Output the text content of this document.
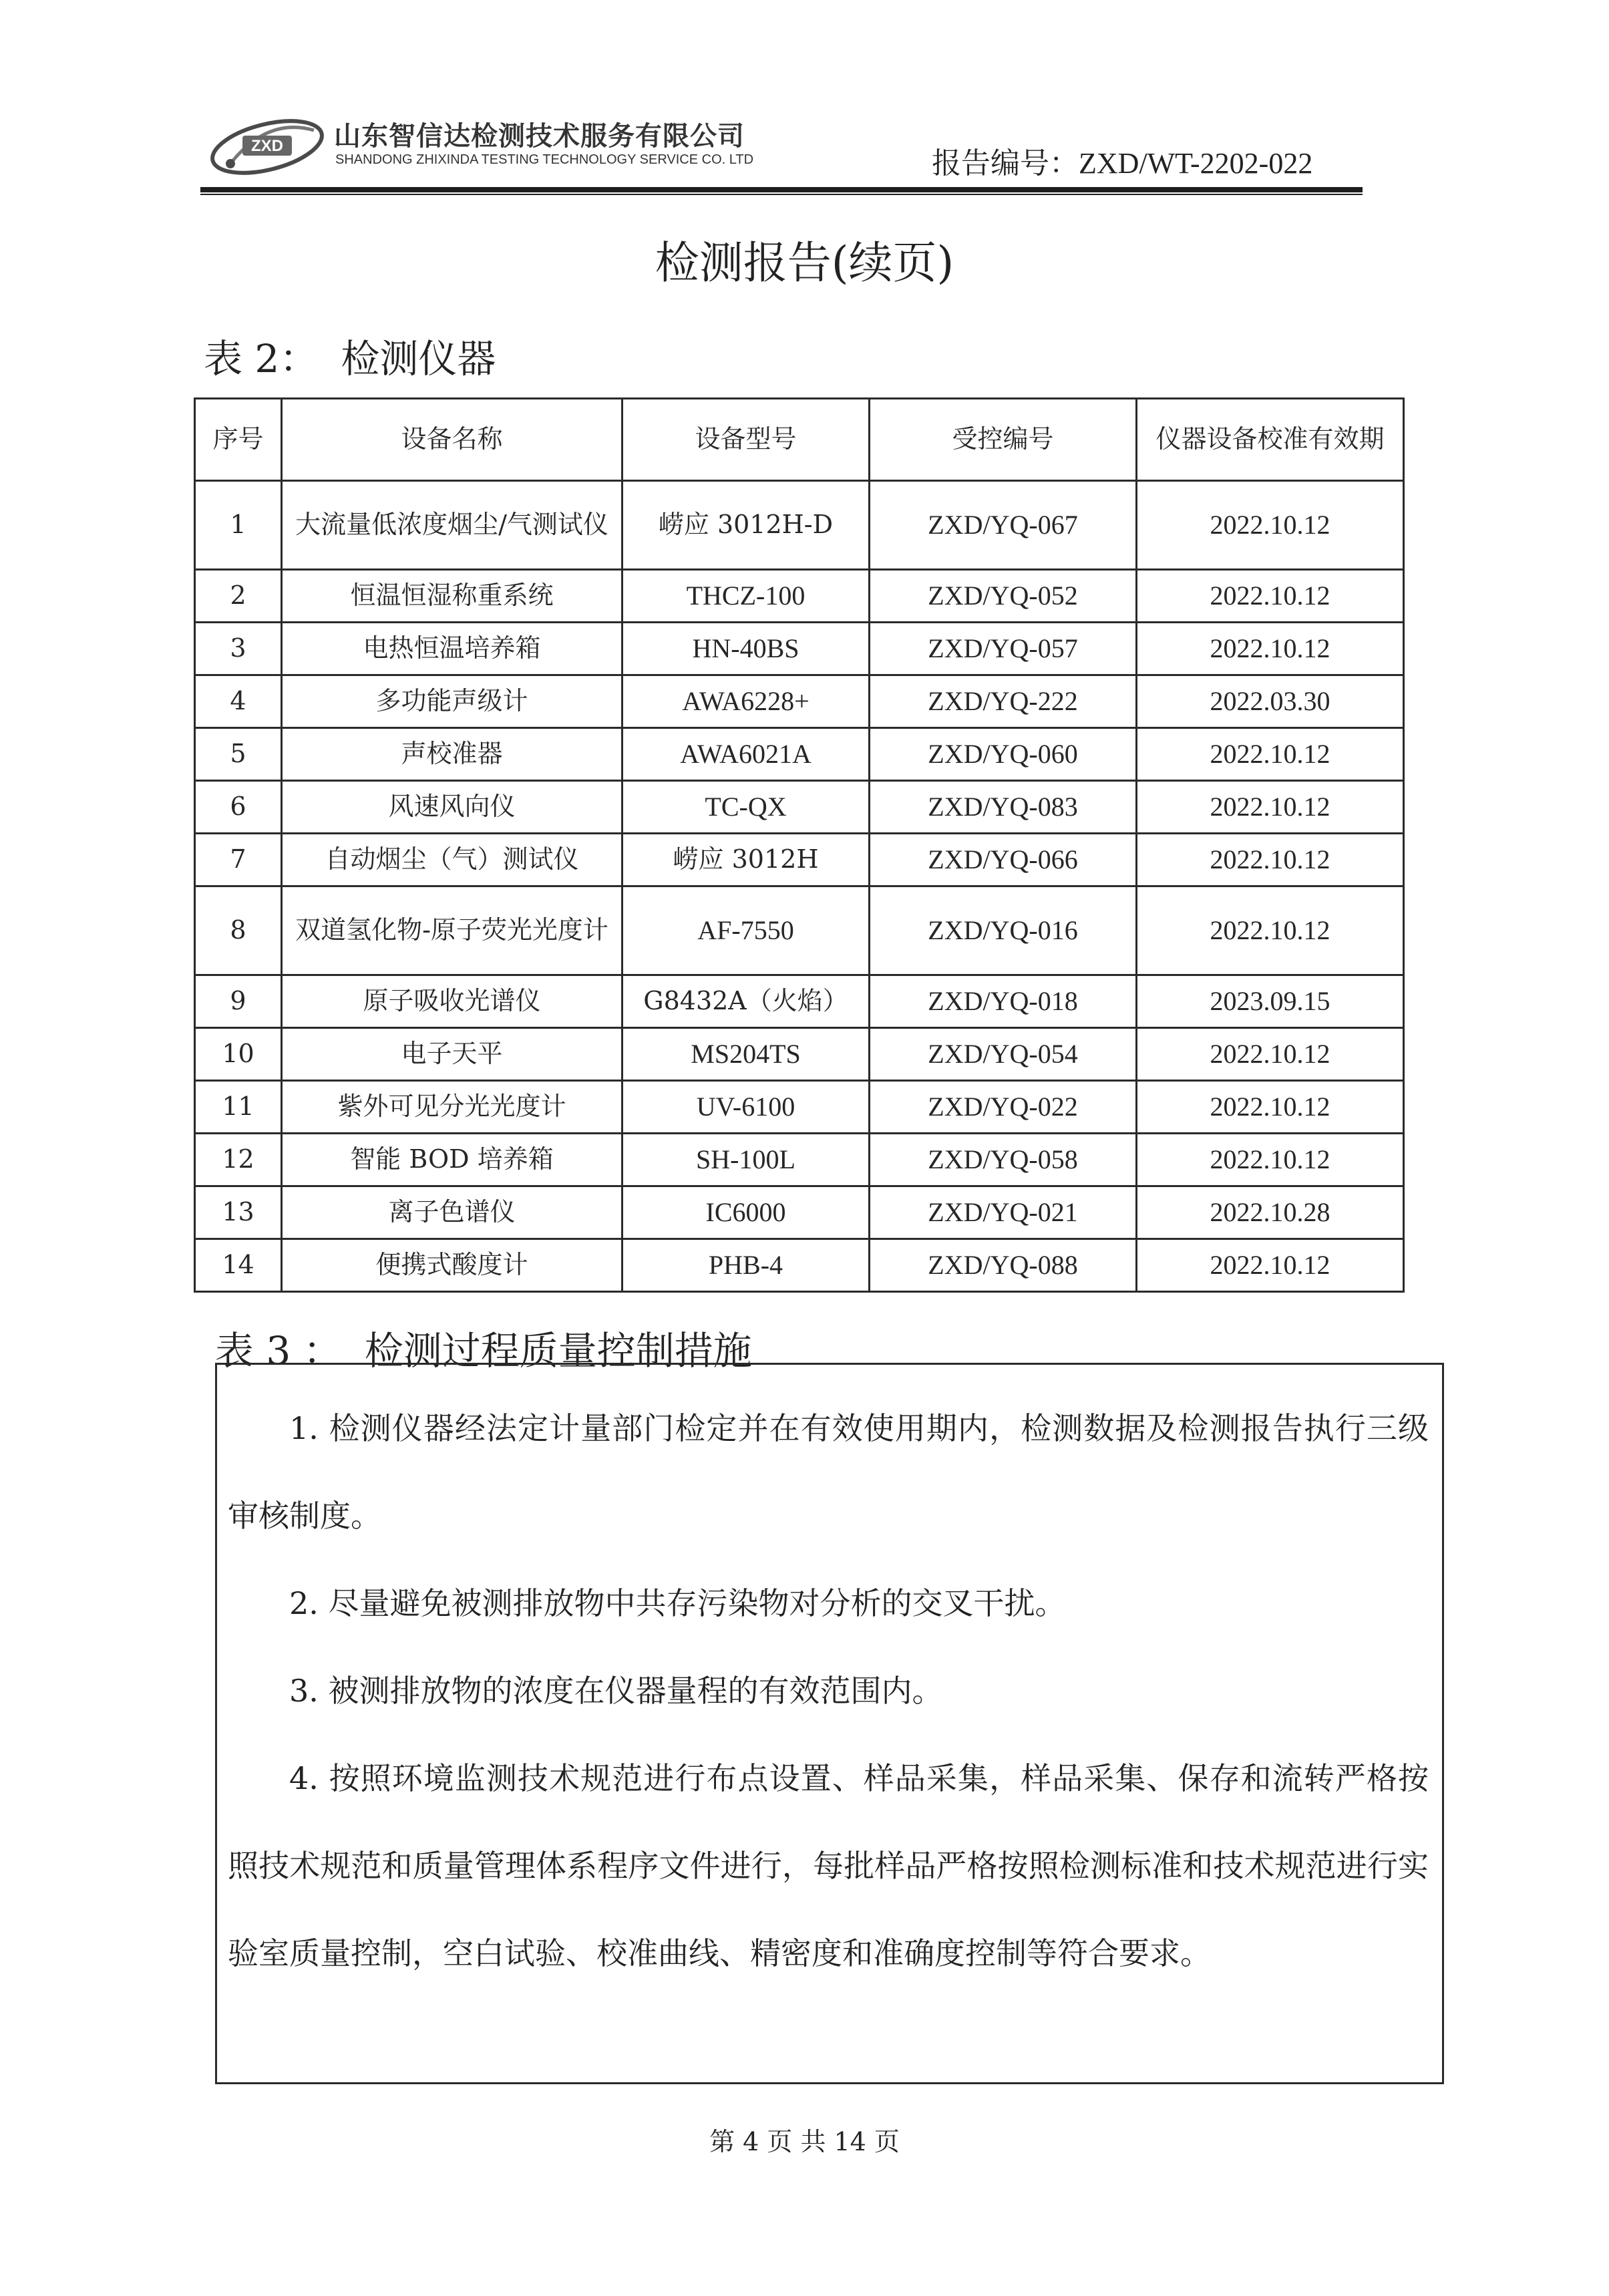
ZXD 山东智信达检测技术服务有限公司
SHANDONG ZHIXINDA TESTING TECHNOLOGY SERVICE CO. LTD	报告编号：ZXD/WT-2202-022
检测报告(续页)
表 2： 检测仪器
序号	设备名称	设备型号	受控编号	仪器设备校准有效期
1	大流量低浓度烟尘/气测试仪	崂应 3012H-D	ZXD/YQ-067	2022.10.12
2	恒温恒湿称重系统	THCZ-100	ZXD/YQ-052	2022.10.12
3	电热恒温培养箱	HN-40BS	ZXD/YQ-057	2022.10.12
4	多功能声级计	AWA6228+	ZXD/YQ-222	2022.03.30
5	声校准器	AWA6021A	ZXD/YQ-060	2022.10.12
6	风速风向仪	TC-QX	ZXD/YQ-083	2022.10.12
7	自动烟尘（气）测试仪	崂应 3012H	ZXD/YQ-066	2022.10.12
8	双道氢化物-原子荧光光度计	AF-7550	ZXD/YQ-016	2022.10.12
9	原子吸收光谱仪	G8432A（火焰）	ZXD/YQ-018	2023.09.15
10	电子天平	MS204TS	ZXD/YQ-054	2022.10.12
11	紫外可见分光光度计	UV-6100	ZXD/YQ-022	2022.10.12
12	智能 BOD 培养箱	SH-100L	ZXD/YQ-058	2022.10.12
13	离子色谱仪	IC6000	ZXD/YQ-021	2022.10.28
14	便携式酸度计	PHB-4	ZXD/YQ-088	2022.10.12
表 3 ： 检测过程质量控制措施

1. 检测仪器经法定计量部门检定并在有效使用期内，检测数据及检测报告执行三级审核制度。

2. 尽量避免被测排放物中共存污染物对分析的交叉干扰。

3. 被测排放物的浓度在仪器量程的有效范围内。

4. 按照环境监测技术规范进行布点设置、样品采集，样品采集、保存和流转严格按照技术规范和质量管理体系程序文件进行，每批样品严格按照检测标准和技术规范进行实验室质量控制，空白试验、校准曲线、精密度和准确度控制等符合要求。

第 4 页 共 14 页
